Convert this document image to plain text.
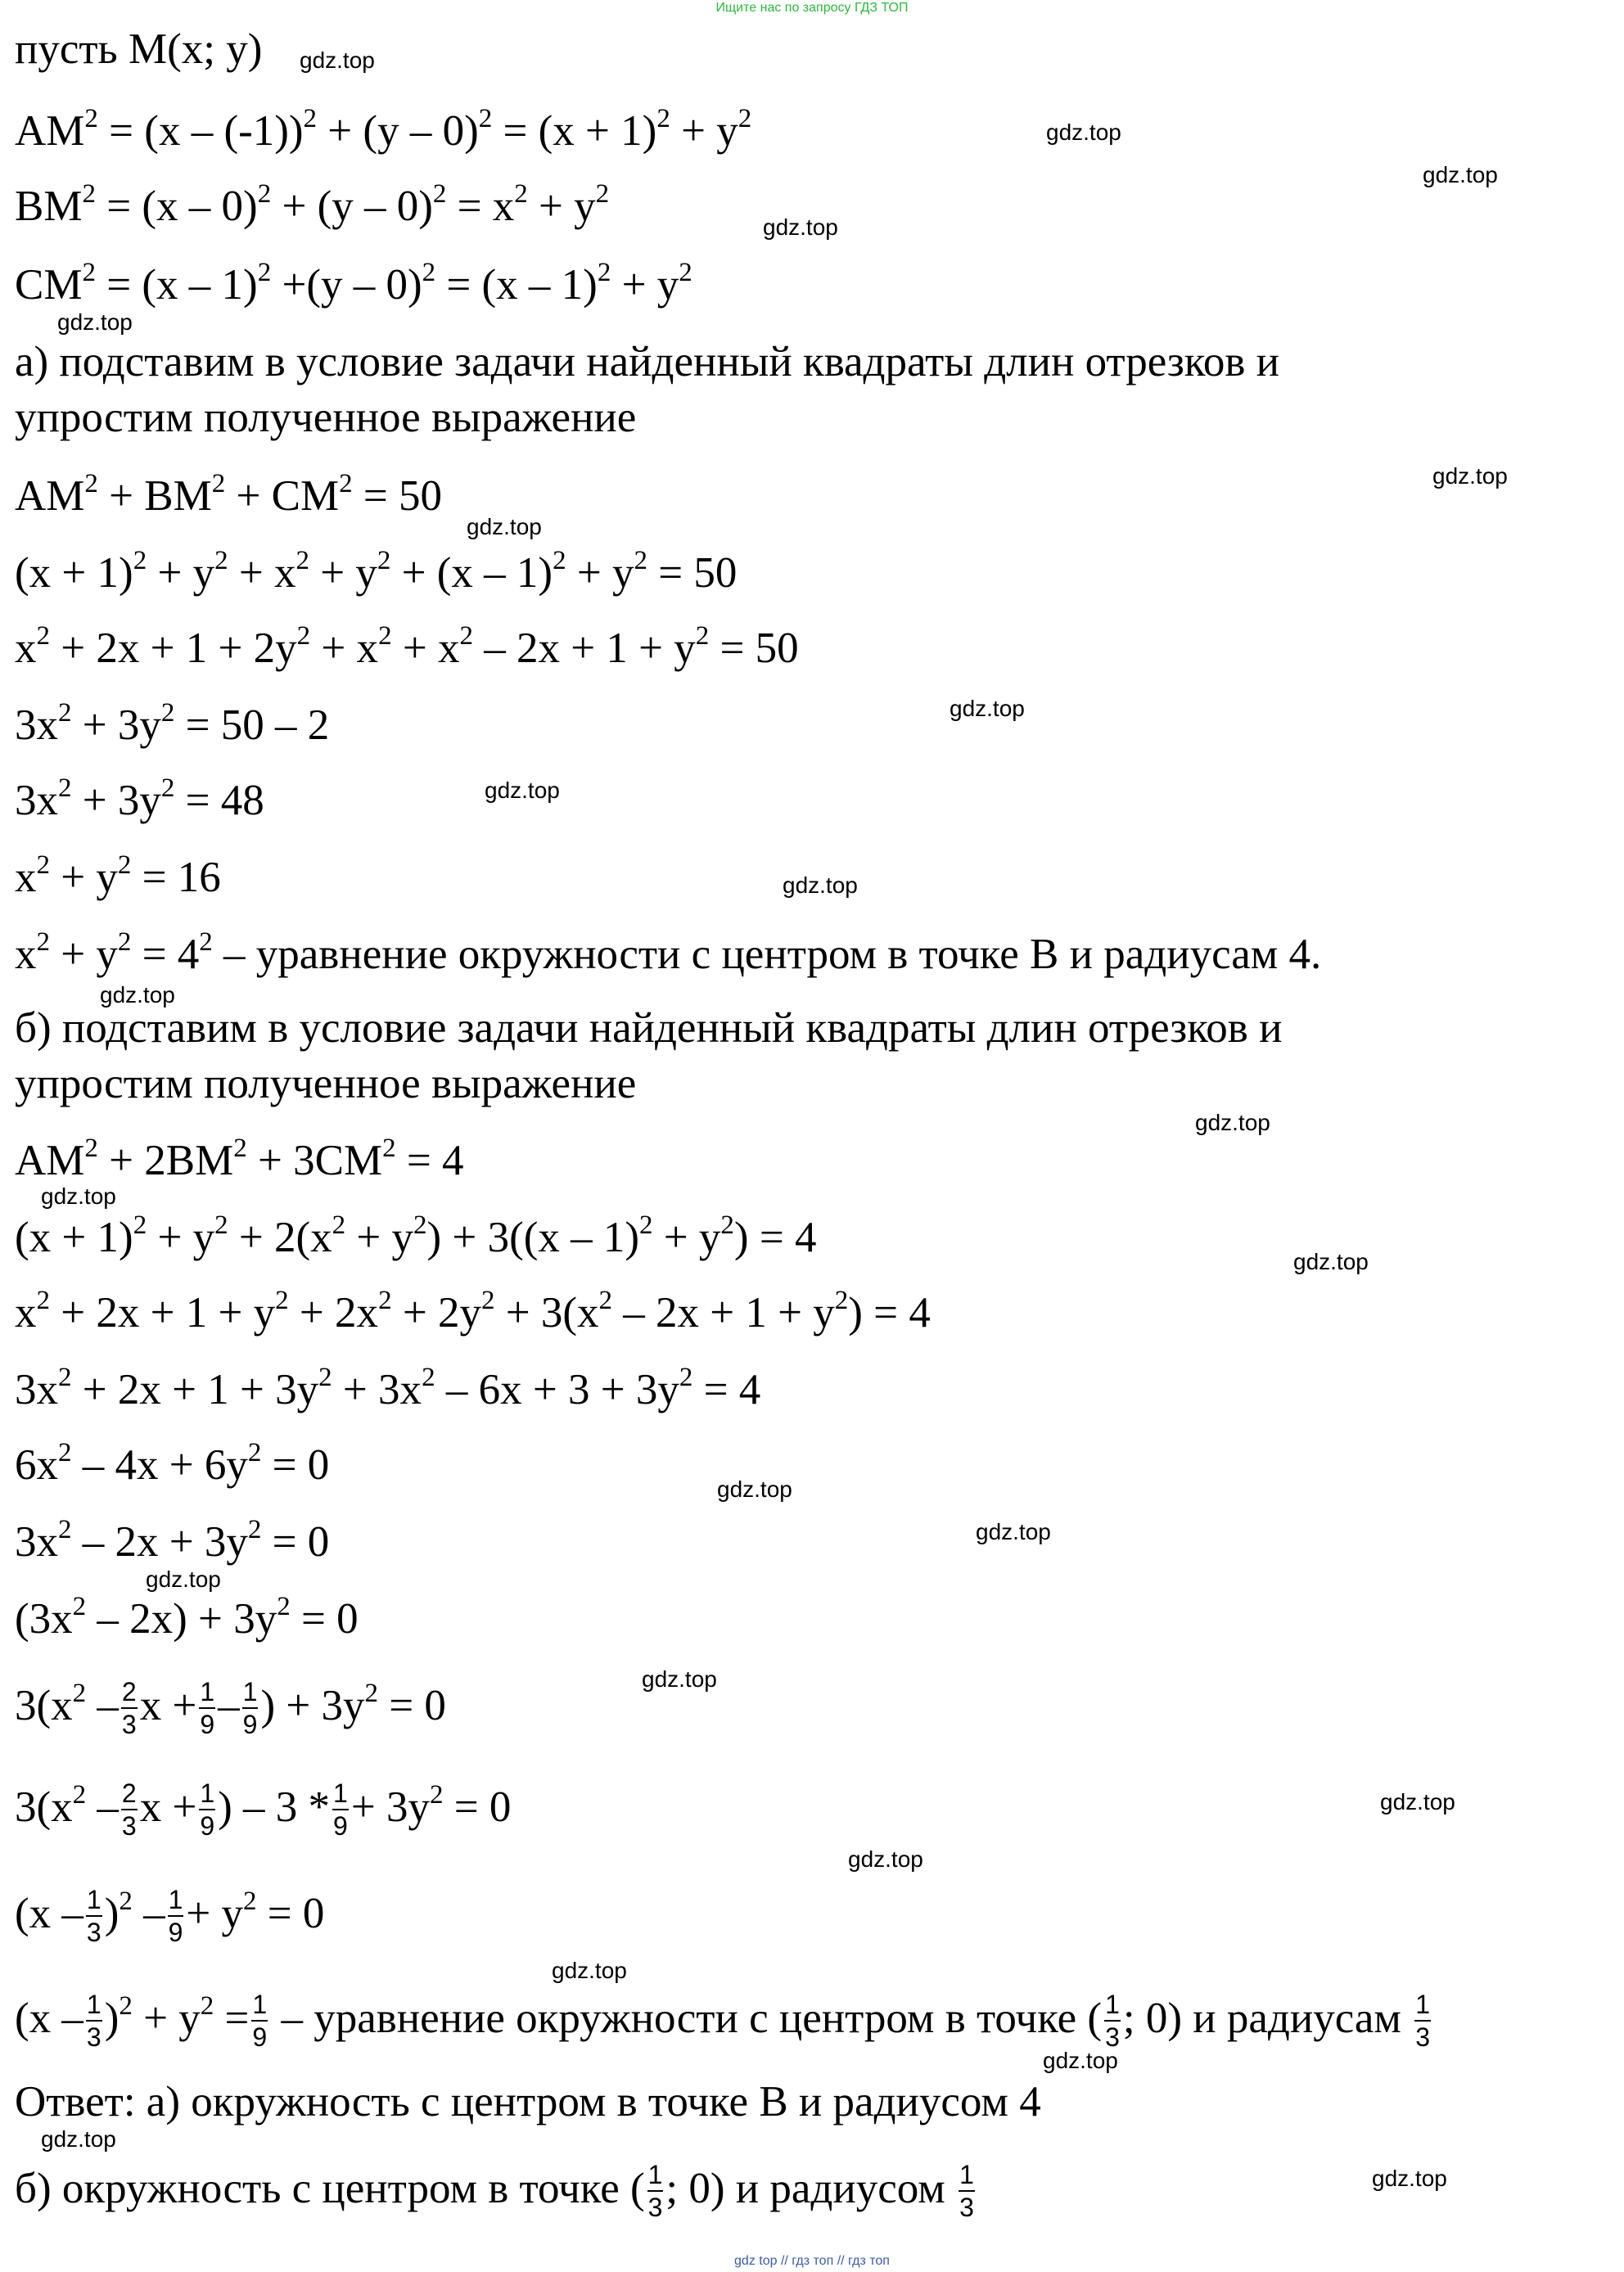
Ищите нас по запросу ГДЗ ТОП
пусть M(x; y)
$AM^2 = (x - (-1))^2 + (y - 0)^2 = (x + 1)^2 + y^2$
$BM^2 = (x - 0)^2 + (y - 0)^2 = x^2 + y^2$
$CM^2 = (x - 1)^2 +(y - 0)^2 = (x - 1)^2 + y^2$
а) подставим в условие задачи найденный квадраты длин отрезков и
упростим полученное выражение
$AM^2 + BM^2 + CM^2 = 50$
$(x + 1)^2 + y^2 + x^2 + y^2 + (x - 1)^2 + y^2 = 50$
$x^2 + 2x + 1 + 2y^2 + x^2 + x^2 - 2x + 1 + y^2 = 50$
$3x^2 + 3y^2 = 50 - 2$
$3x^2 + 3y^2 = 48$
$x^2 + y^2 = 16$
$x^2 + y^2 = 4^2$ – уравнение окружности с центром в точке B и радиусам 4.
б) подставим в условие задачи найденный квадраты длин отрезков и
упростим полученное выражение
$AM^2 + 2BM^2 + 3CM^2 = 4$
$(x + 1)^2 + y^2 + 2(x^2 + y^2) + 3((x - 1)^2 + y^2) = 4$
$x^2 + 2x + 1 + y^2 + 2x^2 + 2y^2 + 3(x^2 - 2x + 1 + y^2) = 4$
$3x^2 + 2x + 1 + 3y^2 + 3x^2 - 6x + 3 + 3y^2 = 4$
$6x^2 - 4x + 6y^2 = 0$
$3x^2 - 2x + 3y^2 = 0$
$(3x^2 - 2x) + 3y^2 = 0$
$3(x^2 - \frac{2}{3}$ $x + \frac{1}{9} - \frac{1}{9}$ ) + $3y^2 = 0$
$3(x^2 - \frac{2}{3}$ $x + \frac{1}{9}$ ) – $3 * \frac{1}{9} + 3y^2 = 0$
$(x - \frac{1}{3} )^2 - \frac{1}{9} + y^2 = 0$
$(x - \frac{1}{3} )^2 + y^2 = \frac{1}{9}$ – уравнение окружности с центром в точке ( $\frac{1}{3}$ ; 0) и радиусам $\frac{1}{3}$
Ответ: а) окружность с центром в точке B и радиусом 4
б) окружность с центром в точке ( $\frac{1}{3}$ ; 0) и радиусом $\frac{1}{3}$
gdz.top
gdz.top
gdz.top
gdz.top
gdz.top
gdz.top
gdz.top
gdz.top
gdz.top
gdz.top
gdz.top
gdz.top
gdz.top
gdz.top
gdz.top
gdz.top
gdz.top
gdz.top
gdz.top
gdz.top
gdz.top
gdz.top
gdz.top
gdz.top
gdz top // гдз топ // гдз топ
